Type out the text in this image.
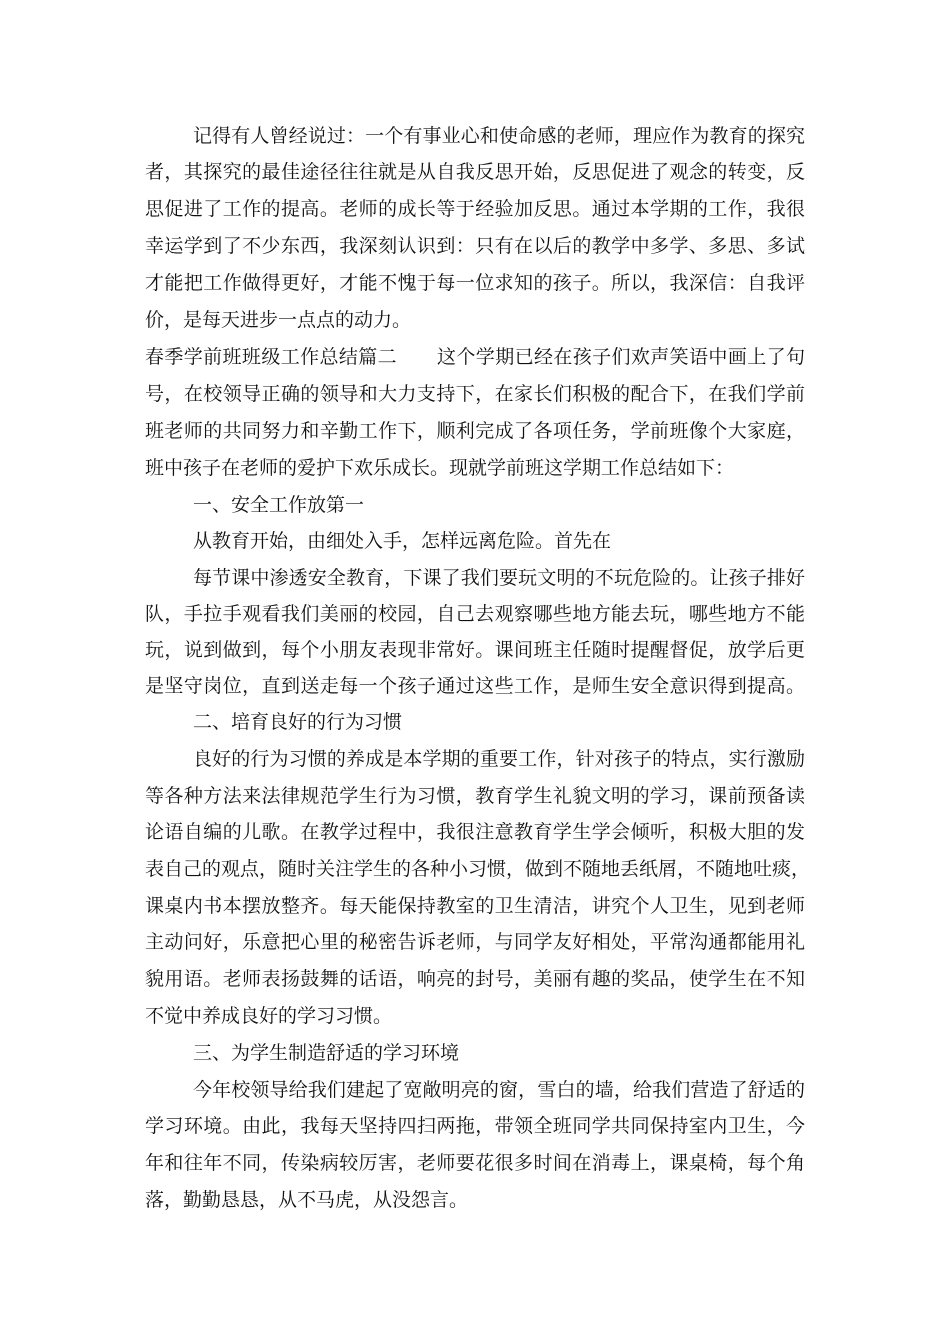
记得有人曾经说过：一个有事业心和使命感的老师，理应作为教育的探究
者，其探究的最佳途径往往就是从自我反思开始，反思促进了观念的转变，反
思促进了工作的提高。老师的成长等于经验加反思。通过本学期的工作，我很
幸运学到了不少东西，我深刻认识到：只有在以后的教学中多学、多思、多试
才能把工作做得更好，才能不愧于每一位求知的孩子。所以，我深信：自我评
价，是每天进步一点点的动力。
春季学前班班级工作总结篇二 这个学期已经在孩子们欢声笑语中画上了句
号，在校领导正确的领导和大力支持下，在家长们积极的配合下，在我们学前
班老师的共同努力和辛勤工作下，顺利完成了各项任务，学前班像个大家庭，
班中孩子在老师的爱护下欢乐成长。现就学前班这学期工作总结如下：
一、安全工作放第一
从教育开始，由细处入手，怎样远离危险。首先在
每节课中渗透安全教育，下课了我们要玩文明的不玩危险的。让孩子排好
队，手拉手观看我们美丽的校园，自己去观察哪些地方能去玩，哪些地方不能
玩，说到做到，每个小朋友表现非常好。课间班主任随时提醒督促，放学后更
是坚守岗位，直到送走每一个孩子通过这些工作，是师生安全意识得到提高。
二、培育良好的行为习惯
良好的行为习惯的养成是本学期的重要工作，针对孩子的特点，实行激励
等各种方法来法律规范学生行为习惯，教育学生礼貌文明的学习，课前预备读
论语自编的儿歌。在教学过程中，我很注意教育学生学会倾听，积极大胆的发
表自己的观点，随时关注学生的各种小习惯，做到不随地丢纸屑，不随地吐痰，
课桌内书本摆放整齐。每天能保持教室的卫生清洁，讲究个人卫生，见到老师
主动问好，乐意把心里的秘密告诉老师，与同学友好相处，平常沟通都能用礼
貌用语。老师表扬鼓舞的话语，响亮的封号，美丽有趣的奖品，使学生在不知
不觉中养成良好的学习习惯。
三、为学生制造舒适的学习环境
今年校领导给我们建起了宽敞明亮的窗，雪白的墙，给我们营造了舒适的
学习环境。由此，我每天坚持四扫两拖，带领全班同学共同保持室内卫生，今
年和往年不同，传染病较厉害，老师要花很多时间在消毒上，课桌椅，每个角
落，勤勤恳恳，从不马虎，从没怨言。
